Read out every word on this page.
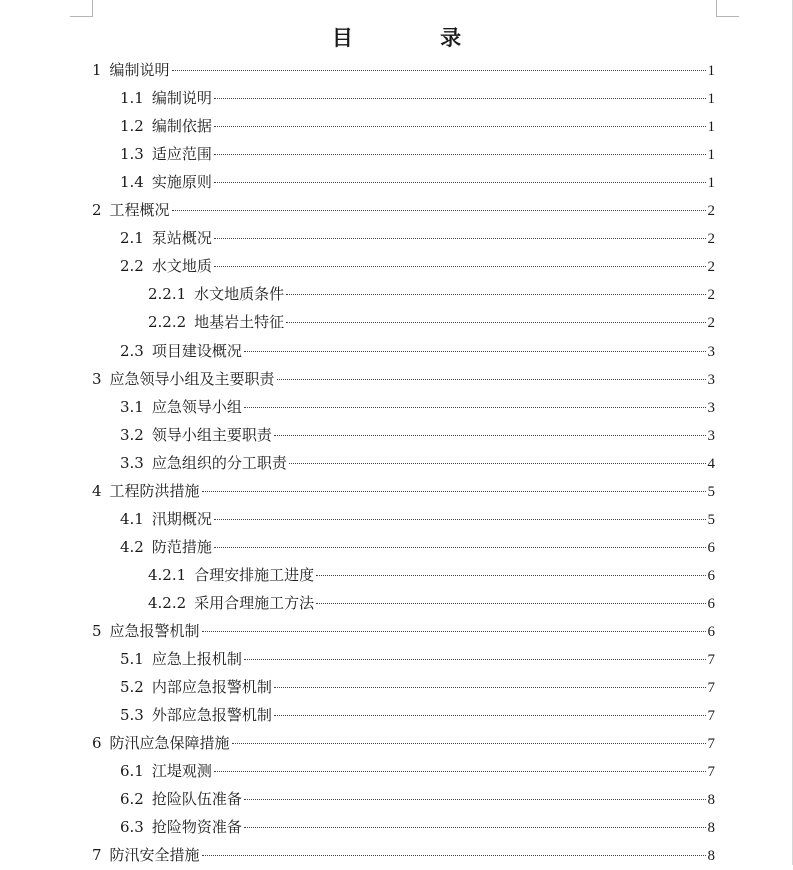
目 录
1 编制说明	1
1.1 编制说明	1
1.2 编制依据	1
1.3 适应范围	1
1.4 实施原则	1
2 工程概况	2
2.1 泵站概况	2
2.2 水文地质	2
2.2.1 水文地质条件	2
2.2.2 地基岩土特征	2
2.3 项目建设概况	3
3 应急领导小组及主要职责	3
3.1 应急领导小组	3
3.2 领导小组主要职责	3
3.3 应急组织的分工职责	4
4 工程防洪措施	5
4.1 汛期概况	5
4.2 防范措施	6
4.2.1 合理安排施工进度	6
4.2.2 采用合理施工方法	6
5 应急报警机制	6
5.1 应急上报机制	7
5.2 内部应急报警机制	7
5.3 外部应急报警机制	7
6 防汛应急保障措施	7
6.1 江堤观测	7
6.2 抢险队伍准备	8
6.3 抢险物资准备	8
7 防汛安全措施	8
